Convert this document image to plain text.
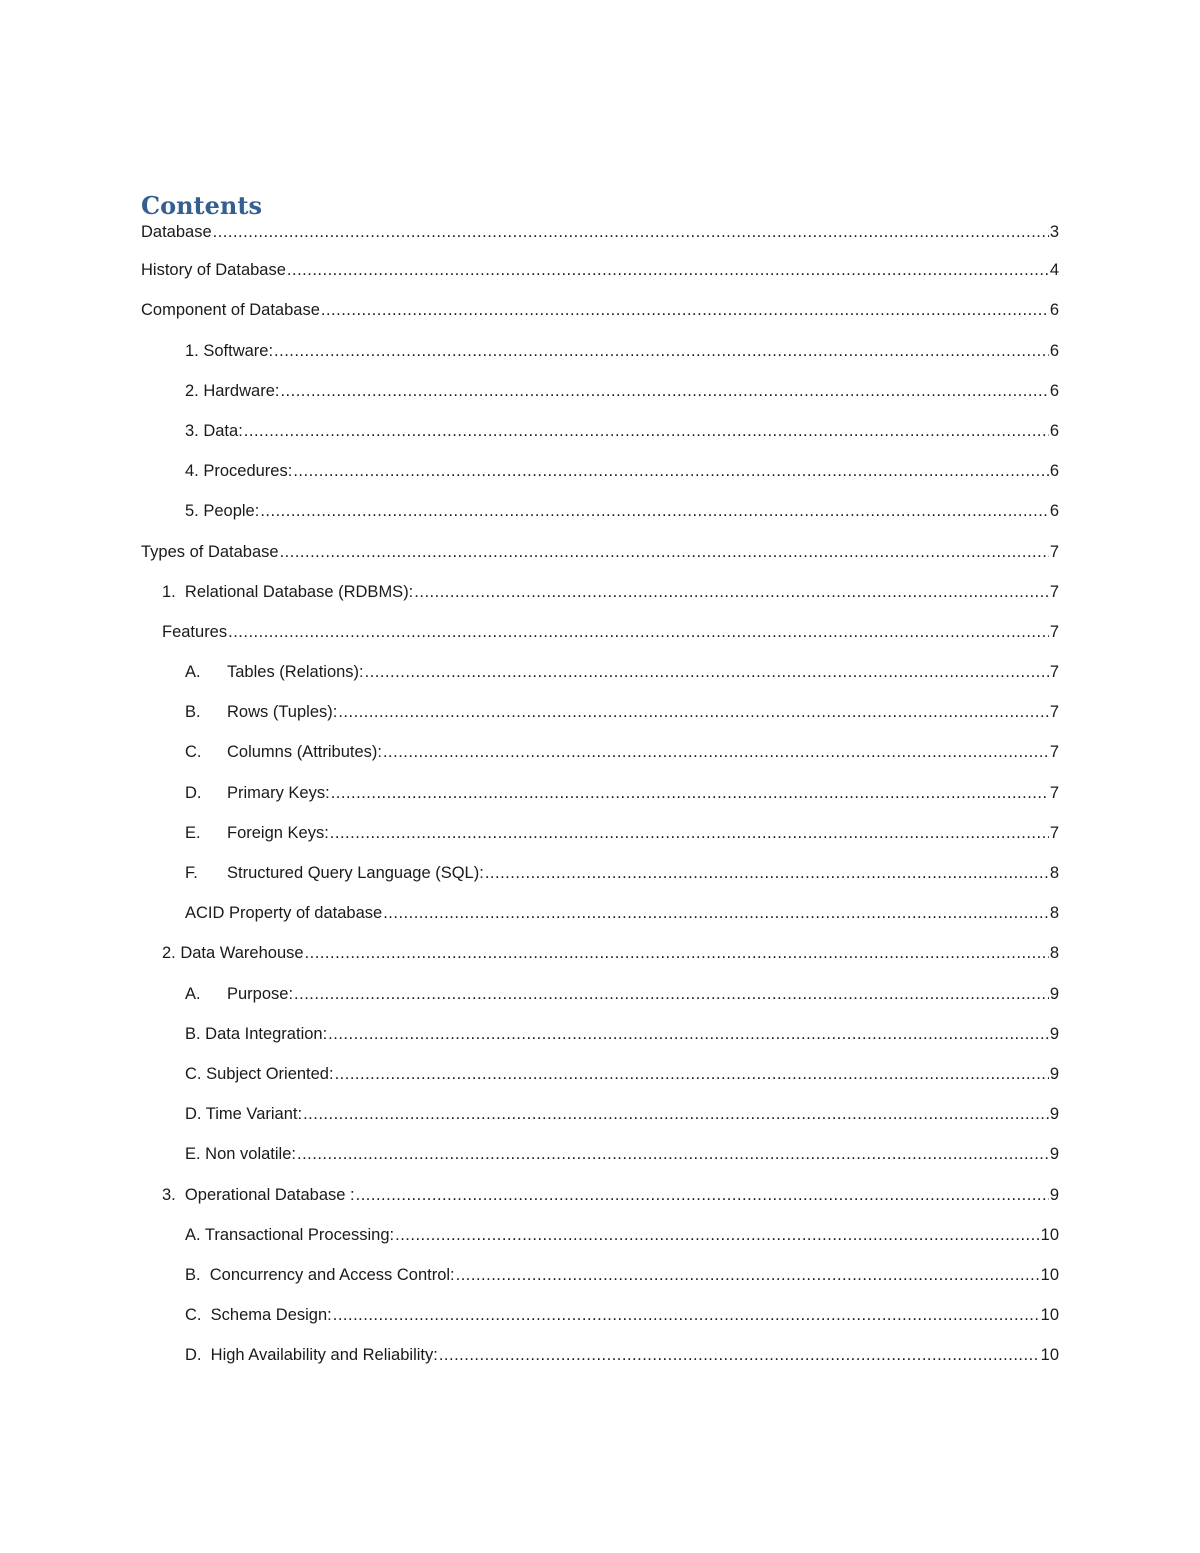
Contents
Database .....	3
History of Database .....	4
Component of Database .....	6
1. Software: .....	6
2. Hardware: .....	6
3. Data: .....	6
4. Procedures: .....	6
5. People: .....	6
Types of Database .....	7
1.  Relational Database (RDBMS): .....	7
Features .....	7
A.	Tables (Relations): .....	7
B.	Rows (Tuples): .....	7
C.	Columns (Attributes): .....	7
D.	Primary Keys: .....	7
E.	Foreign Keys: .....	7
F.	Structured Query Language (SQL): .....	8
ACID Property of database .....	8
2. Data Warehouse .....	8
A.	Purpose: .....	9
B. Data Integration: .....	9
C. Subject Oriented: .....	9
D. Time Variant: .....	9
E. Non volatile: .....	9
3.  Operational Database : .....	9
A. Transactional Processing: .....	10
B.  Concurrency and Access Control: .....	10
C.  Schema Design: .....	10
D.  High Availability and Reliability: .....	10
